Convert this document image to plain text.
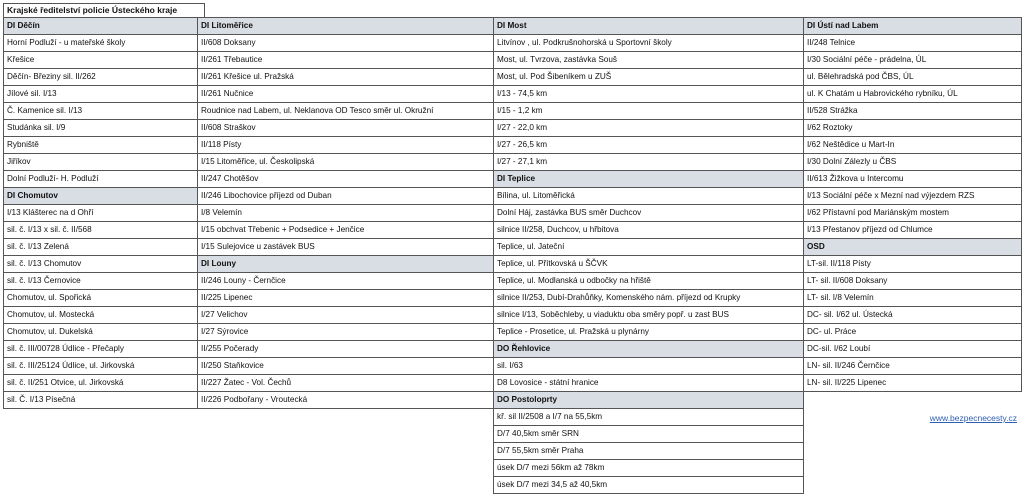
Krajské ředitelství policie Ústeckého kraje
DI Děčín	DI Litoměřice	DI Most	DI Ústí nad Labem
Horní Podluží - u mateřské školy	II/608 Doksany	Litvínov , ul. Podkrušnohorská u Sportovní školy	II/248 Telnice
Křešice	II/261 Třebautice	Most, ul. Tvrzova, zastávka Souš	I/30 Sociální péče - prádelna, ÚL
Děčín- Březiny sil. II/262	II/261 Křešice ul. Pražská	Most, ul. Pod Šibeníkem u ZUŠ	ul. Bělehradská pod ČBS, ÚL
Jílové sil. I/13	II/261 Nučnice	I/13 - 74,5 km	ul. K Chatám u Habrovického rybníku, ÚL
Č. Kamenice sil. I/13	Roudnice nad Labem, ul. Neklanova OD Tesco směr ul. Okružní	I/15 - 1,2 km	II/528 Strážka
Studánka sil. I/9	II/608 Straškov	I/27 - 22,0 km	I/62 Roztoky
Rybniště	II/118 Písty	I/27 - 26,5 km	I/62 Neštědice u Mart-In
Jiříkov	I/15 Litoměřice, ul. Českolipská	I/27 - 27,1 km	I/30 Dolní Zálezly u ČBS
Dolní Podluží- H. Podluží	II/247 Chotěšov	DI Teplice	II/613 Žižkova u Intercomu
DI Chomutov	II/246 Libochovice příjezd od Duban	Bílina, ul. Litoměřická	I/13 Sociální péče x Mezní nad výjezdem RZS
I/13 Klášterec na d Ohří	I/8 Velemín	Dolní Háj, zastávka BUS směr Duchcov	I/62 Přístavní pod Mariánským mostem
sil. č. I/13 x sil. č. II/568	I/15 obchvat Třebenic + Podsedice + Jenčice	silnice II/258, Duchcov, u hřbitova	I/13 Přestanov příjezd od Chlumce
sil. č. I/13 Zelená	I/15 Sulejovice u zastávek BUS	Teplice, ul. Jateční	OSD
sil. č. I/13 Chomutov	DI Louny	Teplice, ul. Přítkovská u ŠČVK	LT-sil. II/118 Písty
sil. č. I/13 Černovice	II/246 Louny - Černčice	Teplice, ul. Modlanská u odbočky na hřiště	LT- sil. II/608 Doksany
Chomutov, ul. Spořická	II/225 Lipenec	silnice II/253, Dubí-Drahůňky, Komenského nám. příjezd od Krupky	LT- sil. I/8 Velemín
Chomutov, ul. Mostecká	I/27 Velichov	silnice I/13, Soběchleby, u viaduktu oba směry popř. u zast BUS	DC- sil. I/62 ul. Ústecká
Chomutov, ul. Dukelská	I/27 Sýrovice	Teplice - Prosetice, ul. Pražská u plynárny	DC- ul. Práce
sil. č. III/00728 Údlice - Přečaply	II/255 Počerady	DO Řehlovice	DC-sil. I/62 Loubí
sil. č. III/25124 Údlice, ul. Jirkovská	II/250 Staňkovice	sil. I/63	LN- sil. II/246 Černčice
sil. č. II/251 Otvice, ul. Jirkovská	II/227 Žatec - Vol. Čechů	D8 Lovosice - státní hranice	LN- sil. II/225 Lipenec
sil. Č. I/13 Písečná	II/226 Podbořany - Vroutecká	DO Postoloprty	
		kř. sil II/2508 a I/7 na 55,5km	
		D/7 40,5km směr SRN	
		D/7 55,5km směr Praha	
		úsek D/7 mezi 56km až 78km	
		úsek D/7 mezi 34,5 až 40,5km	
www.bezpecnecesty.cz
